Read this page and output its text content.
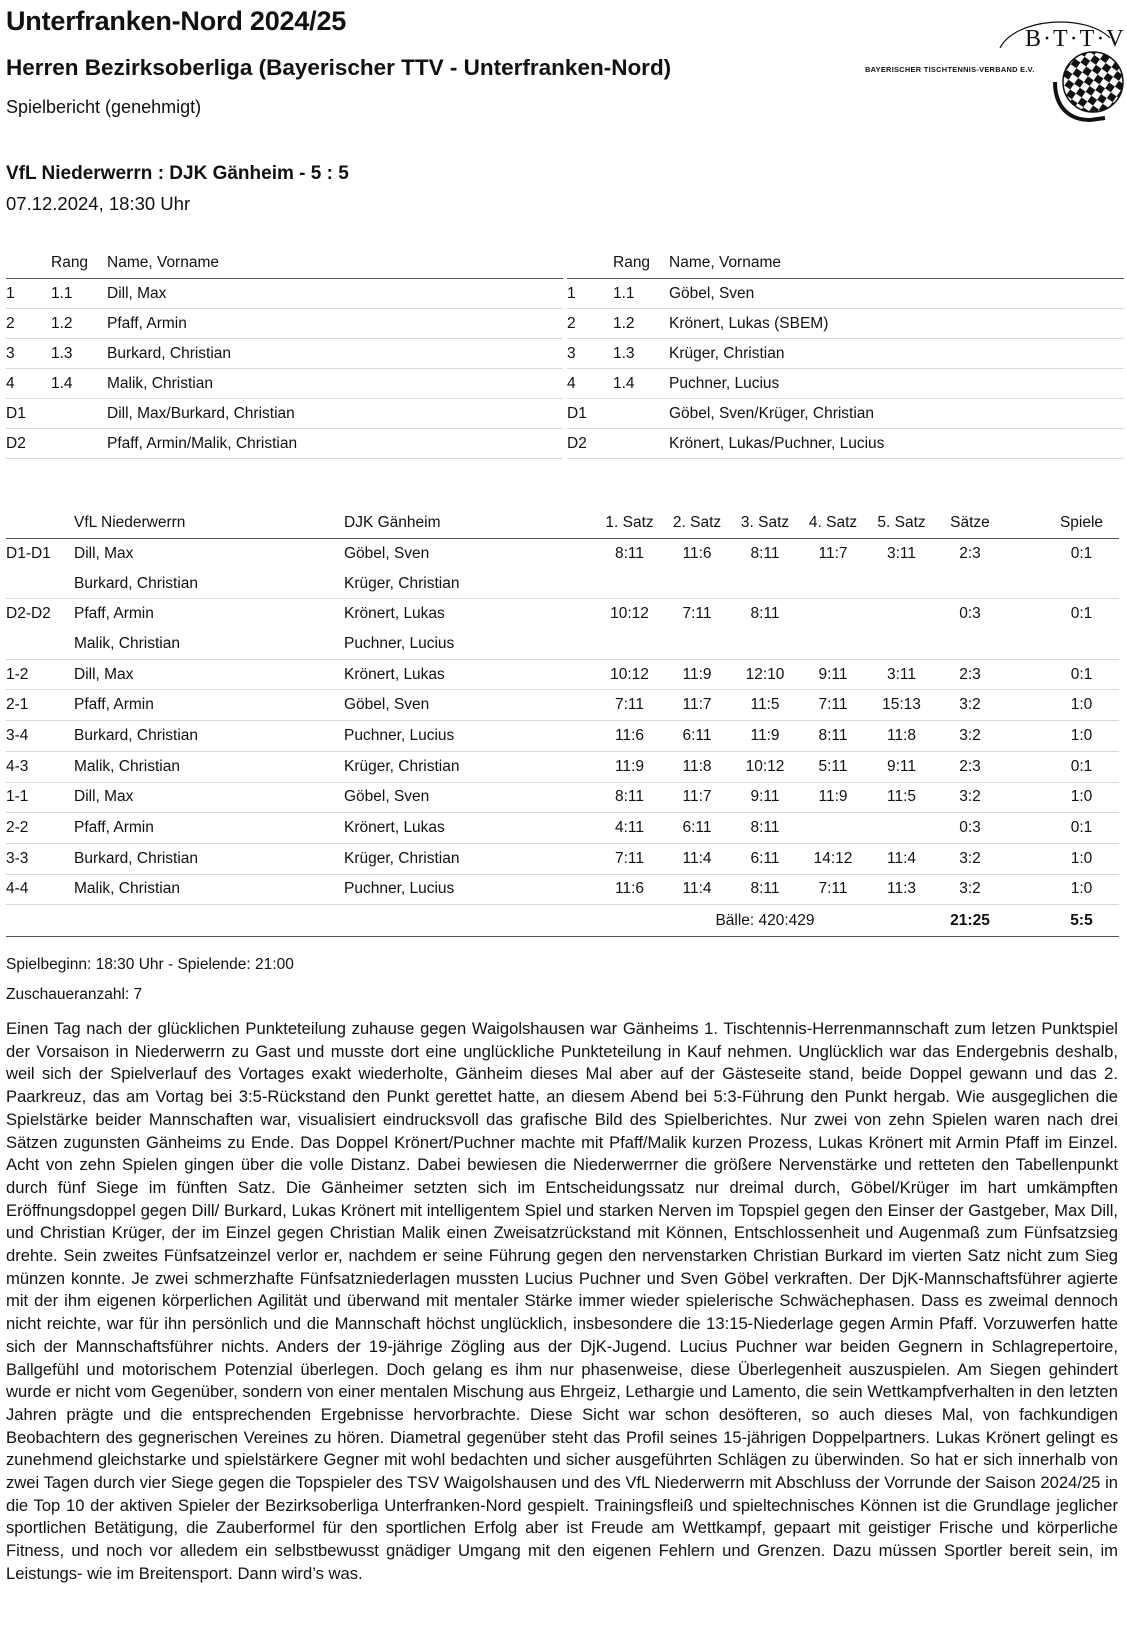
Unterfranken-Nord 2024/25
Herren Bezirksoberliga (Bayerischer TTV - Unterfranken-Nord)
Spielbericht (genehmigt)
VfL Niederwerrn : DJK Gänheim - 5 : 5
07.12.2024, 18:30 Uhr
B·T·T·V
BAYERISCHER TISCHTENNIS-VERBAND E.V.
	Rang	Name, Vorname
1	1.1	Dill, Max
2	1.2	Pfaff, Armin
3	1.3	Burkard, Christian
4	1.4	Malik, Christian
D1		Dill, Max/Burkard, Christian
D2		Pfaff, Armin/Malik, Christian
	Rang	Name, Vorname
1	1.1	Göbel, Sven
2	1.2	Krönert, Lukas (SBEM)
3	1.3	Krüger, Christian
4	1.4	Puchner, Lucius
D1		Göbel, Sven/Krüger, Christian
D2		Krönert, Lukas/Puchner, Lucius
	VfL Niederwerrn	DJK Gänheim	1. Satz	2. Satz	3. Satz	4. Satz	5. Satz	Sätze	Spiele
D1-D1	Dill, Max	Göbel, Sven	8:11	11:6	8:11	11:7	3:11	2:3	0:1
	Burkard, Christian	Krüger, Christian							
D2-D2	Pfaff, Armin	Krönert, Lukas	10:12	7:11	8:11			0:3	0:1
	Malik, Christian	Puchner, Lucius							
1-2	Dill, Max	Krönert, Lukas	10:12	11:9	12:10	9:11	3:11	2:3	0:1
2-1	Pfaff, Armin	Göbel, Sven	7:11	11:7	11:5	7:11	15:13	3:2	1:0
3-4	Burkard, Christian	Puchner, Lucius	11:6	6:11	11:9	8:11	11:8	3:2	1:0
4-3	Malik, Christian	Krüger, Christian	11:9	11:8	10:12	5:11	9:11	2:3	0:1
1-1	Dill, Max	Göbel, Sven	8:11	11:7	9:11	11:9	11:5	3:2	1:0
2-2	Pfaff, Armin	Krönert, Lukas	4:11	6:11	8:11			0:3	0:1
3-3	Burkard, Christian	Krüger, Christian	7:11	11:4	6:11	14:12	11:4	3:2	1:0
4-4	Malik, Christian	Puchner, Lucius	11:6	11:4	8:11	7:11	11:3	3:2	1:0
				Bälle: 420:429				21:25	5:5
Spielbeginn: 18:30 Uhr - Spielende: 21:00
Zuschaueranzahl: 7

Einen Tag nach der glücklichen Punkteteilung zuhause gegen Waigolshausen war Gänheims 1. Tischtennis-Herrenmannschaft zum letzen Punktspiel der Vorsaison in Niederwerrn zu Gast und musste dort eine unglückliche Punkteteilung in Kauf nehmen. Unglücklich war das Endergebnis deshalb, weil sich der Spielverlauf des Vortages exakt wiederholte, Gänheim dieses Mal aber auf der Gästeseite stand, beide Doppel gewann und das 2. Paarkreuz, das am Vortag bei 3:5-Rückstand den Punkt gerettet hatte, an diesem Abend bei 5:3-Führung den Punkt hergab. Wie ausgeglichen die Spielstärke beider Mannschaften war, visualisiert eindrucksvoll das grafische Bild des Spielberichtes. Nur zwei von zehn Spielen waren nach drei Sätzen zugunsten Gänheims zu Ende. Das Doppel Krönert/Puchner machte mit Pfaff/Malik kurzen Prozess, Lukas Krönert mit Armin Pfaff im Einzel. Acht von zehn Spielen gingen über die volle Distanz. Dabei bewiesen die Niederwerrner die größere Nervenstärke und retteten den Tabellenpunkt durch fünf Siege im fünften Satz. Die Gänheimer setzten sich im Entscheidungssatz nur dreimal durch, Göbel/Krüger im hart umkämpften Eröffnungsdoppel gegen Dill/ Burkard, Lukas Krönert mit intelligentem Spiel und starken Nerven im Topspiel gegen den Einser der Gastgeber, Max Dill, und Christian Krüger, der im Einzel gegen Christian Malik einen Zweisatzrückstand mit Können, Entschlossenheit und Augenmaß zum Fünfsatzsieg drehte. Sein zweites Fünfsatzeinzel verlor er, nachdem er seine Führung gegen den nervenstarken Christian Burkard im vierten Satz nicht zum Sieg münzen konnte. Je zwei schmerzhafte Fünfsatzniederlagen mussten Lucius Puchner und Sven Göbel verkraften. Der DjK-Mannschaftsführer agierte mit der ihm eigenen körperlichen Agilität und überwand mit mentaler Stärke immer wieder spielerische Schwächephasen. Dass es zweimal dennoch nicht reichte, war für ihn persönlich und die Mannschaft höchst unglücklich, insbesondere die 13:15-Niederlage gegen Armin Pfaff. Vorzuwerfen hatte sich der Mannschaftsführer nichts. Anders der 19-jährige Zögling aus der DjK-Jugend. Lucius Puchner war beiden Gegnern in Schlagrepertoire, Ballgefühl und motorischem Potenzial überlegen. Doch gelang es ihm nur phasenweise, diese Überlegenheit auszuspielen. Am Siegen gehindert wurde er nicht vom Gegenüber, sondern von einer mentalen Mischung aus Ehrgeiz, Lethargie und Lamento, die sein Wettkampfverhalten in den letzten Jahren prägte und die entsprechenden Ergebnisse hervorbrachte. Diese Sicht war schon desöfteren, so auch dieses Mal, von fachkundigen Beobachtern des gegnerischen Vereines zu hören. Diametral gegenüber steht das Profil seines 15-jährigen Doppelpartners. Lukas Krönert gelingt es zunehmend gleichstarke und spielstärkere Gegner mit wohl bedachten und sicher ausgeführten Schlägen zu überwinden. So hat er sich innerhalb von zwei Tagen durch vier Siege gegen die Topspieler des TSV Waigolshausen und des VfL Niederwerrn mit Abschluss der Vorrunde der Saison 2024/25 in die Top 10 der aktiven Spieler der Bezirksoberliga Unterfranken-Nord gespielt. Trainingsfleiß und spieltechnisches Können ist die Grundlage jeglicher sportlichen Betätigung, die Zauberformel für den sportlichen Erfolg aber ist Freude am Wettkampf, gepaart mit geistiger Frische und körperliche Fitness, und noch vor alledem ein selbstbewusst gnädiger Umgang mit den eigenen Fehlern und Grenzen. Dazu müssen Sportler bereit sein, im Leistungs- wie im Breitensport. Dann wird’s was.
